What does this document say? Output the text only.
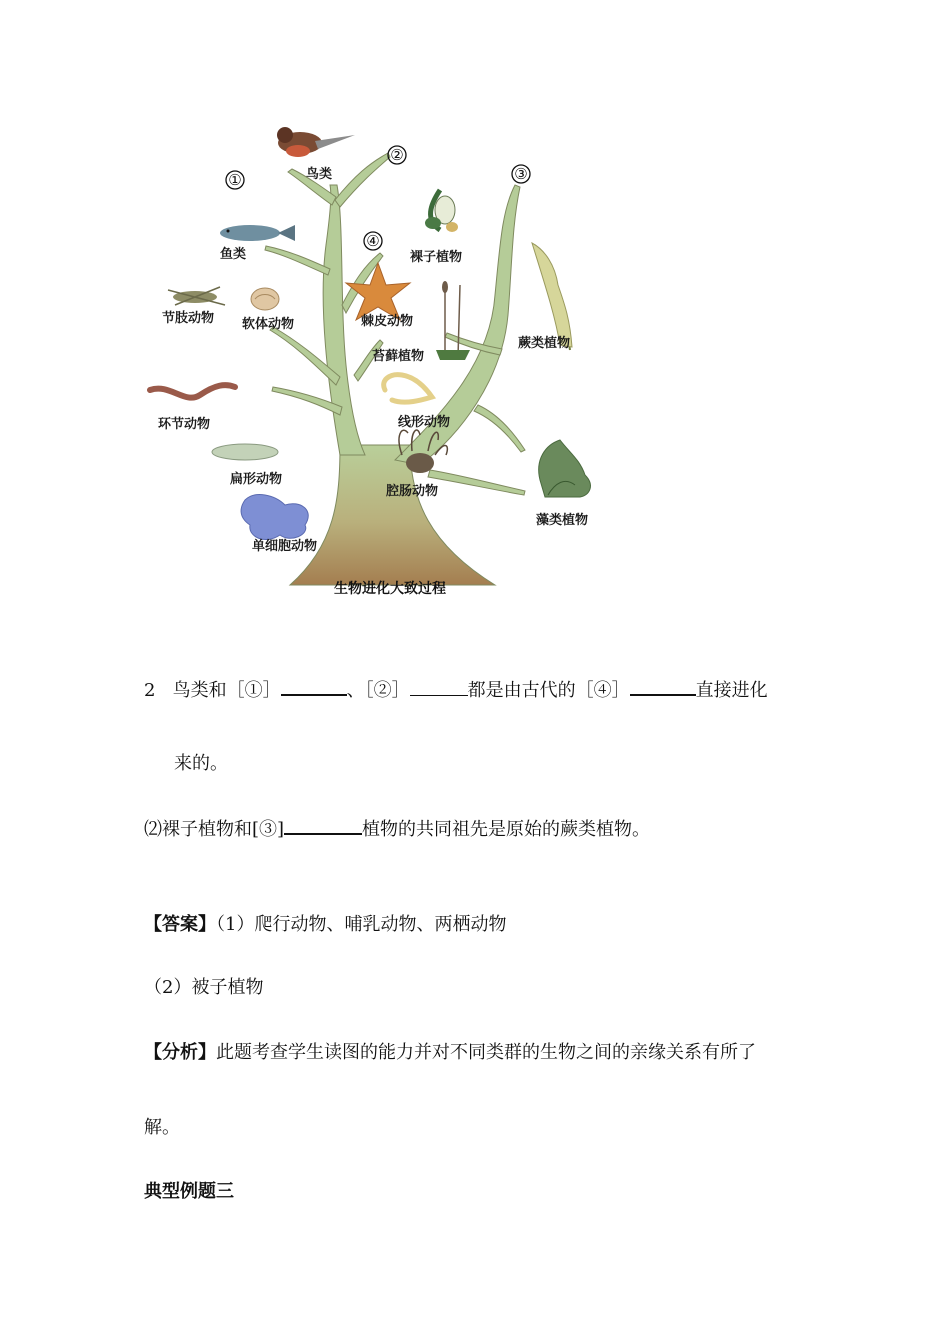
①
②
③
④
鸟类
鱼类	裸子植物
节肢动物 软体动物	棘皮动物
苔藓植物
蕨类植物
环节动物	线形动物
扁形动物
腔肠动物
藻类植物
单细胞动物
生物进化大致过程
2 鸟类和［①］	、［②］	都是由古代的［④］	直接进化
来的。
⑵裸子植物和[③]	植物的共同祖先是原始的蕨类植物。
【答案】（1）爬行动物、哺乳动物、两栖动物
（2）被子植物
【分析】此题考查学生读图的能力并对不同类群的生物之间的亲缘关系有所了
解。
典型例题三
